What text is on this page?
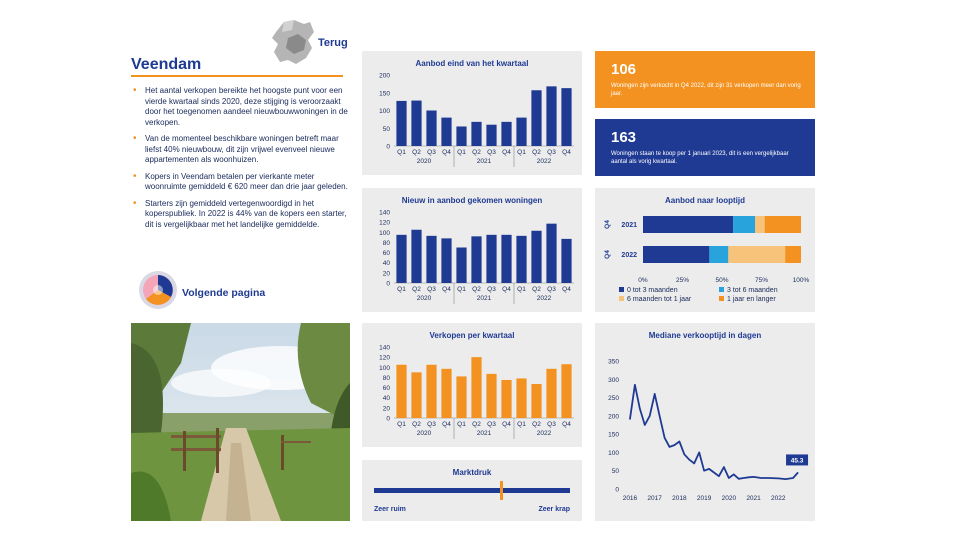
Veendam
Terug
• Het aantal verkopen bereikte het hoogste punt voor een vierde kwartaal sinds 2020, deze stijging is veroorzaakt door het toegenomen aandeel nieuwbouwwoningen in de verkopen.
• Van de momenteel beschikbare woningen betreft maar liefst 40% nieuwbouw, dit zijn vrijwel evenveel nieuwe appartementen als woonhuizen.
• Kopers in Veendam betalen per vierkante meter woonruimte gemiddeld € 620 meer dan drie jaar geleden.
• Starters zijn gemiddeld vertegenwoordigd in het koperspubliek. In 2022 is 44% van de kopers een starter, dit is vergelijkbaar met het landelijke gemiddelde.
Volgende pagina
Aanbod eind van het kwartaal
0
50
100
150
200
Q1 Q2 Q3 Q4 Q1 Q2 Q3 Q4 Q1 Q2 Q3 Q4
2020	2021	2022
Nieuw in aanbod gekomen woningen
0
20
40
60
80
100
120
140
Q1 Q2 Q3 Q4 Q1 Q2 Q3 Q4 Q1 Q2 Q3 Q4
2020	2021	2022
Verkopen per kwartaal
0
20
40
60
80
100
120
140
Q1 Q2 Q3 Q4 Q1 Q2 Q3 Q4 Q1 Q2 Q3 Q4
2020	2021	2022
Marktdruk
Zeer ruim	Zeer krap
106
Woningen zijn verkocht in Q4 2022, dit zijn 31 verkopen meer dan vorig jaar.
163
Woningen staan te koop per 1 januari 2023, dit is een vergelijkbaar aantal als vorig kwartaal.
Aanbod naar looptijd
Q4 2021
Q4 2022
0%	25%	50%	75%	100%
0 tot 3 maanden	3 tot 6 maanden
6 maanden tot 1 jaar	1 jaar en langer
Mediane verkooptijd in dagen
0
50
100
150
200
250
300
350
2016 2017 2018 2019 2020 2021 2022
45.3
